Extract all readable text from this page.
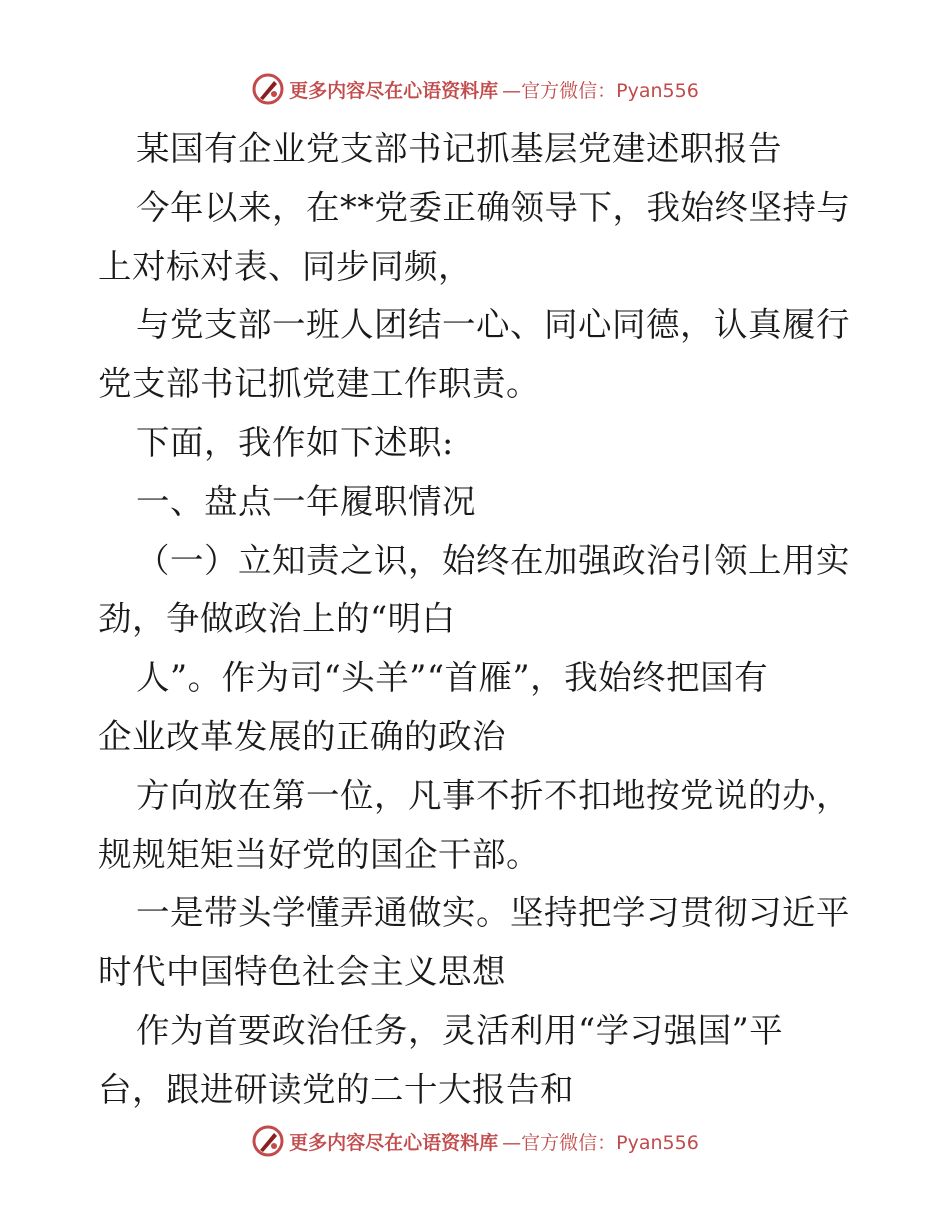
更多内容尽在心语资料库 —官方微信：Pyan556
某国有企业党支部书记抓基层党建述职报告
今年以来，在**党委正确领导下，我始终坚持与
上对标对表、同步同频，
与党支部一班人团结一心、同心同德，认真履行
党支部书记抓党建工作职责。
下面，我作如下述职:
一、盘点一年履职情况
（一）立知责之识，始终在加强政治引领上用实
劲，争做政治上的“明白
人”。作为司“头羊”“首雁”，我始终把国有
企业改革发展的正确的政治
方向放在第一位，凡事不折不扣地按党说的办，
规规矩矩当好党的国企干部。
一是带头学懂弄通做实。坚持把学习贯彻习近平
时代中国特色社会主义思想
作为首要政治任务，灵活利用“学习强国”平
台，跟进研读党的二十大报告和
更多内容尽在心语资料库 —官方微信：Pyan556
